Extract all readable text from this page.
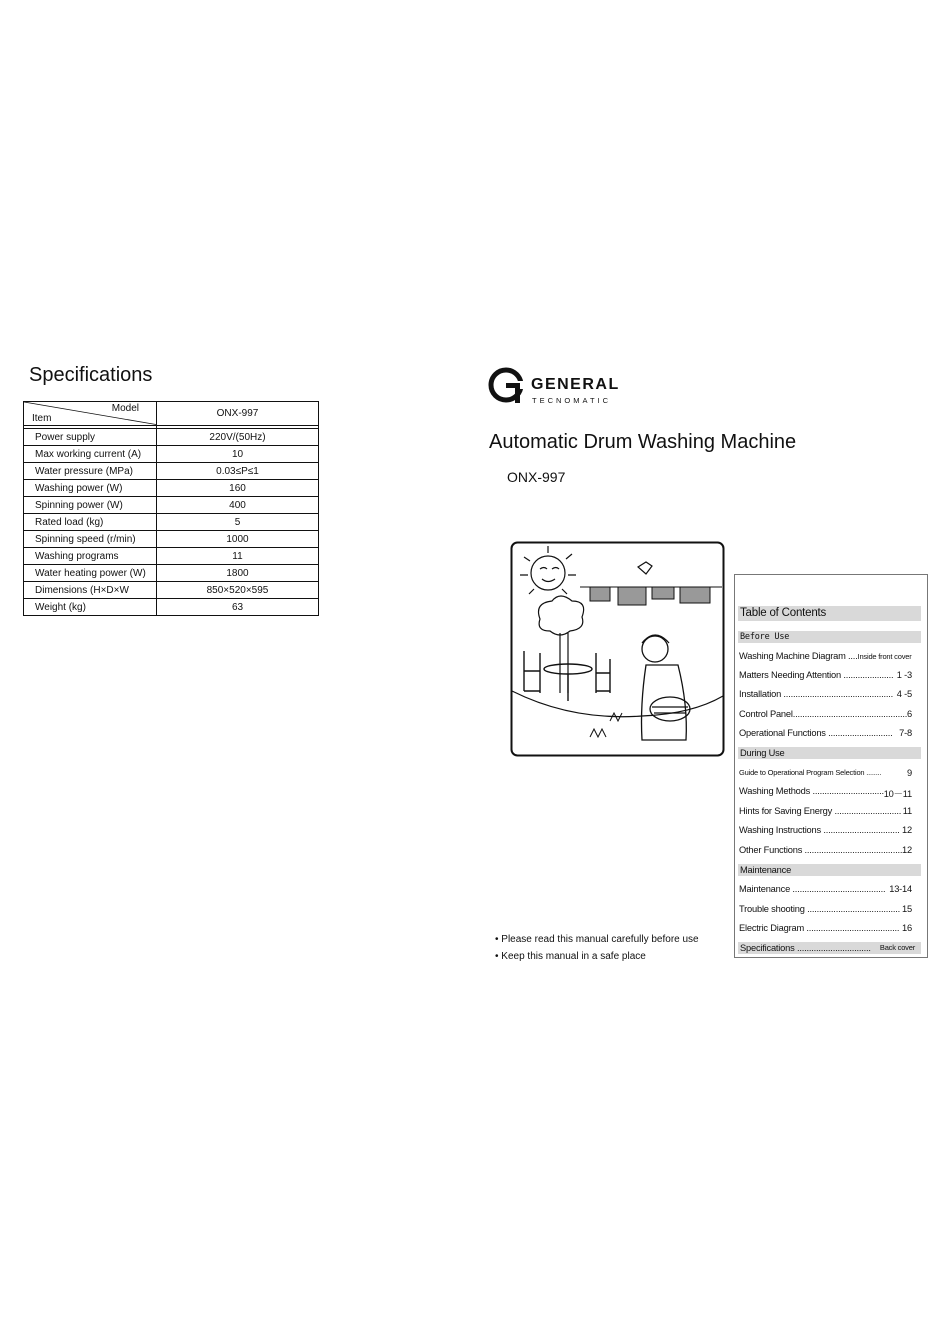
Specifications
Model
Item	ONX-997

Power supply	220V/(50Hz)
Max working current (A)	10
Water pressure (MPa)	0.03≤P≤1
Washing power (W)	160
Spinning power (W)	400
Rated load (kg)	5
Spinning speed (r/min)	1000
Washing programs	11
Water heating power (W)	1800
Dimensions (H×D×W	850×520×595
Weight (kg)	63
GENERAL
TECNOMATIC
Automatic Drum Washing Machine
ONX-997
• Please read this manual carefully before use
• Keep this manual in a safe place
Table of Contents
Before Use
Washing Machine Diagram ....Inside front cover
Matters Needing Attention ..................... 1 -3
Installation .............................................. 4 -5
Control Panel................................................ 6
Operational Functions ........................... 7-8
During Use
Guide to Operational Program Selection ........	9
Washing Methods .............................. 10－11
Hints for Saving Energy ............................ 11
Washing Instructions ................................ 12
Other Functions ......................................... 12
Maintenance
Maintenance ....................................... 13-14
Trouble shooting ....................................... 15
Electric Diagram ....................................... 16
Specifications ............................... Back cover
